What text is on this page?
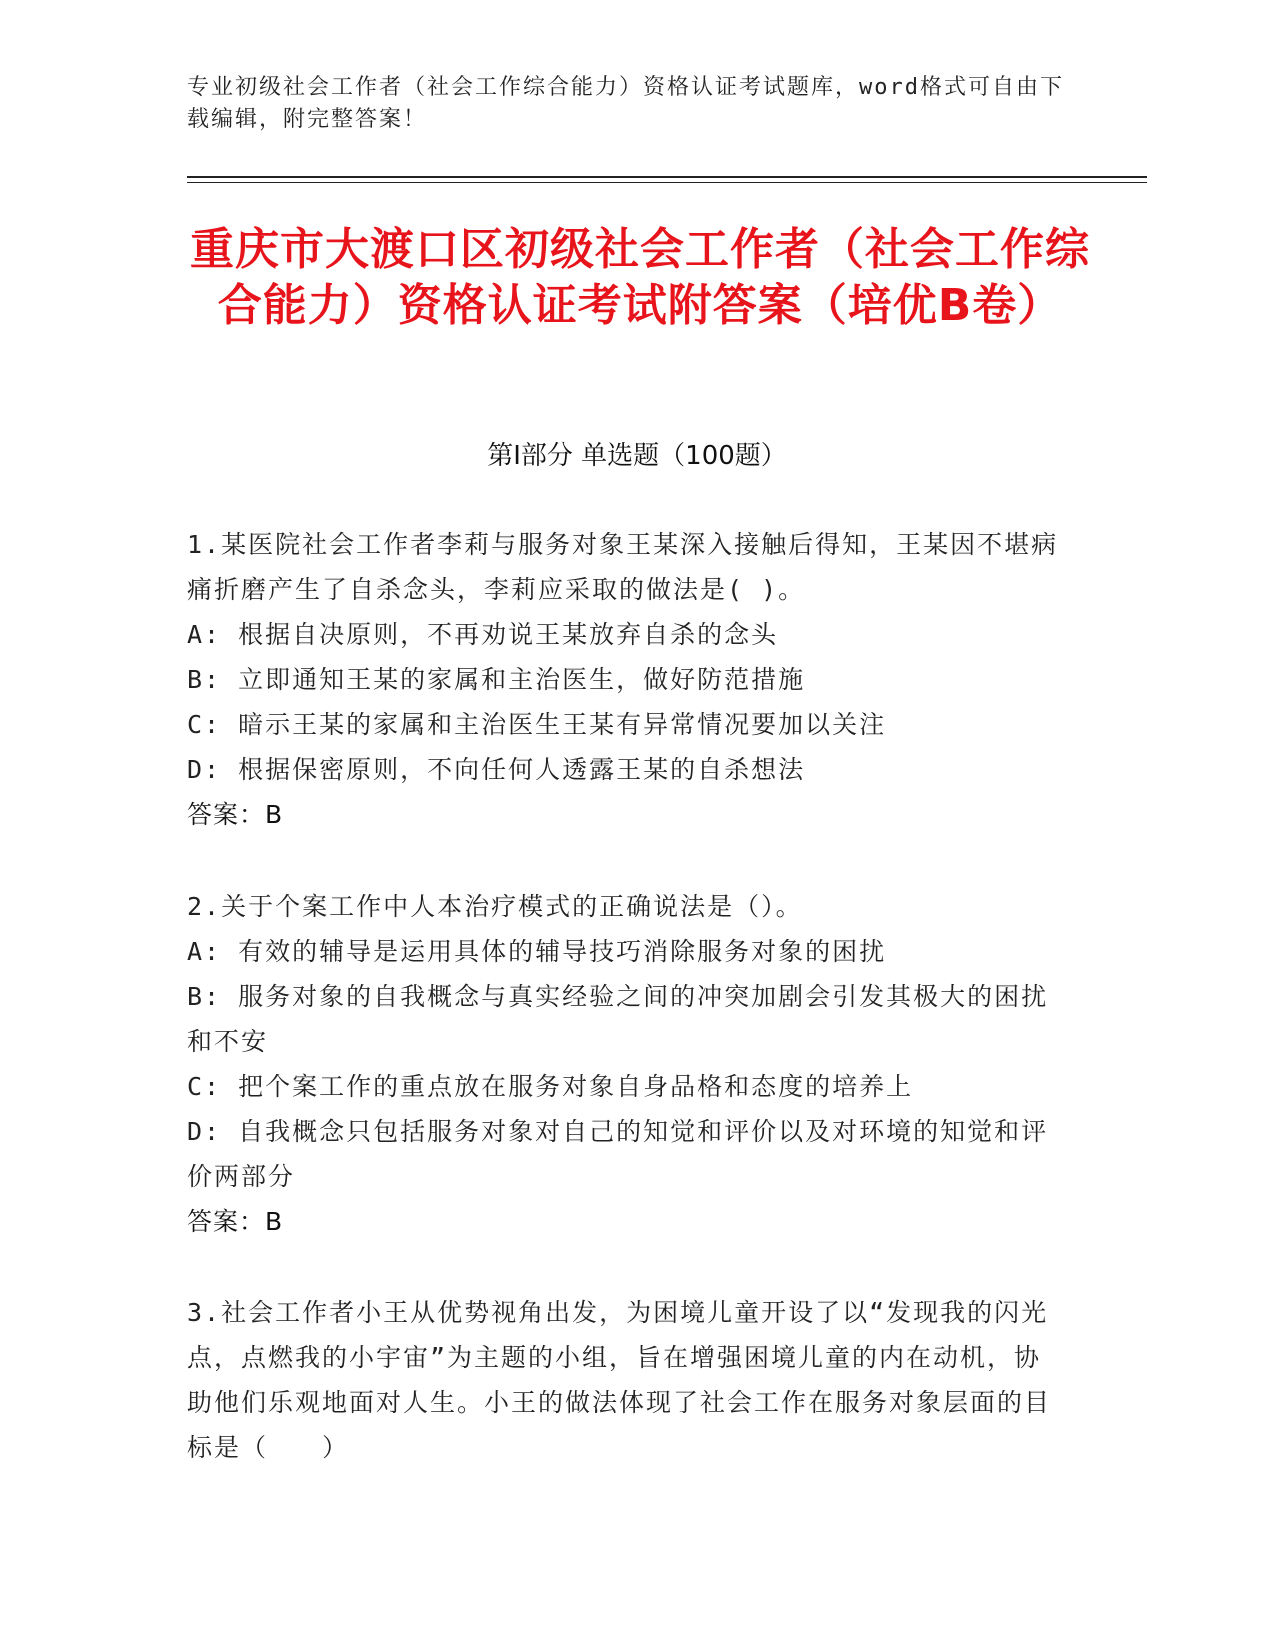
专业初级社会工作者（社会工作综合能力）资格认证考试题库，word格式可自由下载编辑，附完整答案！
重庆市大渡口区初级社会工作者（社会工作综合能力）资格认证考试附答案（培优B卷）
第I部分 单选题（100题）
1.某医院社会工作者李莉与服务对象王某深入接触后得知，王某因不堪病痛折磨产生了自杀念头，李莉应采取的做法是( )。
A: 根据自决原则，不再劝说王某放弃自杀的念头
B: 立即通知王某的家属和主治医生，做好防范措施
C: 暗示王某的家属和主治医生王某有异常情况要加以关注
D: 根据保密原则，不向任何人透露王某的自杀想法
答案：B
2.关于个案工作中人本治疗模式的正确说法是（）。
A: 有效的辅导是运用具体的辅导技巧消除服务对象的困扰
B: 服务对象的自我概念与真实经验之间的冲突加剧会引发其极大的困扰和不安
C: 把个案工作的重点放在服务对象自身品格和态度的培养上
D: 自我概念只包括服务对象对自己的知觉和评价以及对环境的知觉和评价两部分
答案：B
3.社会工作者小王从优势视角出发，为困境儿童开设了以“发现我的闪光点，点燃我的小宇宙”为主题的小组，旨在增强困境儿童的内在动机，协助他们乐观地面对人生。小王的做法体现了社会工作在服务对象层面的目标是（　　）
